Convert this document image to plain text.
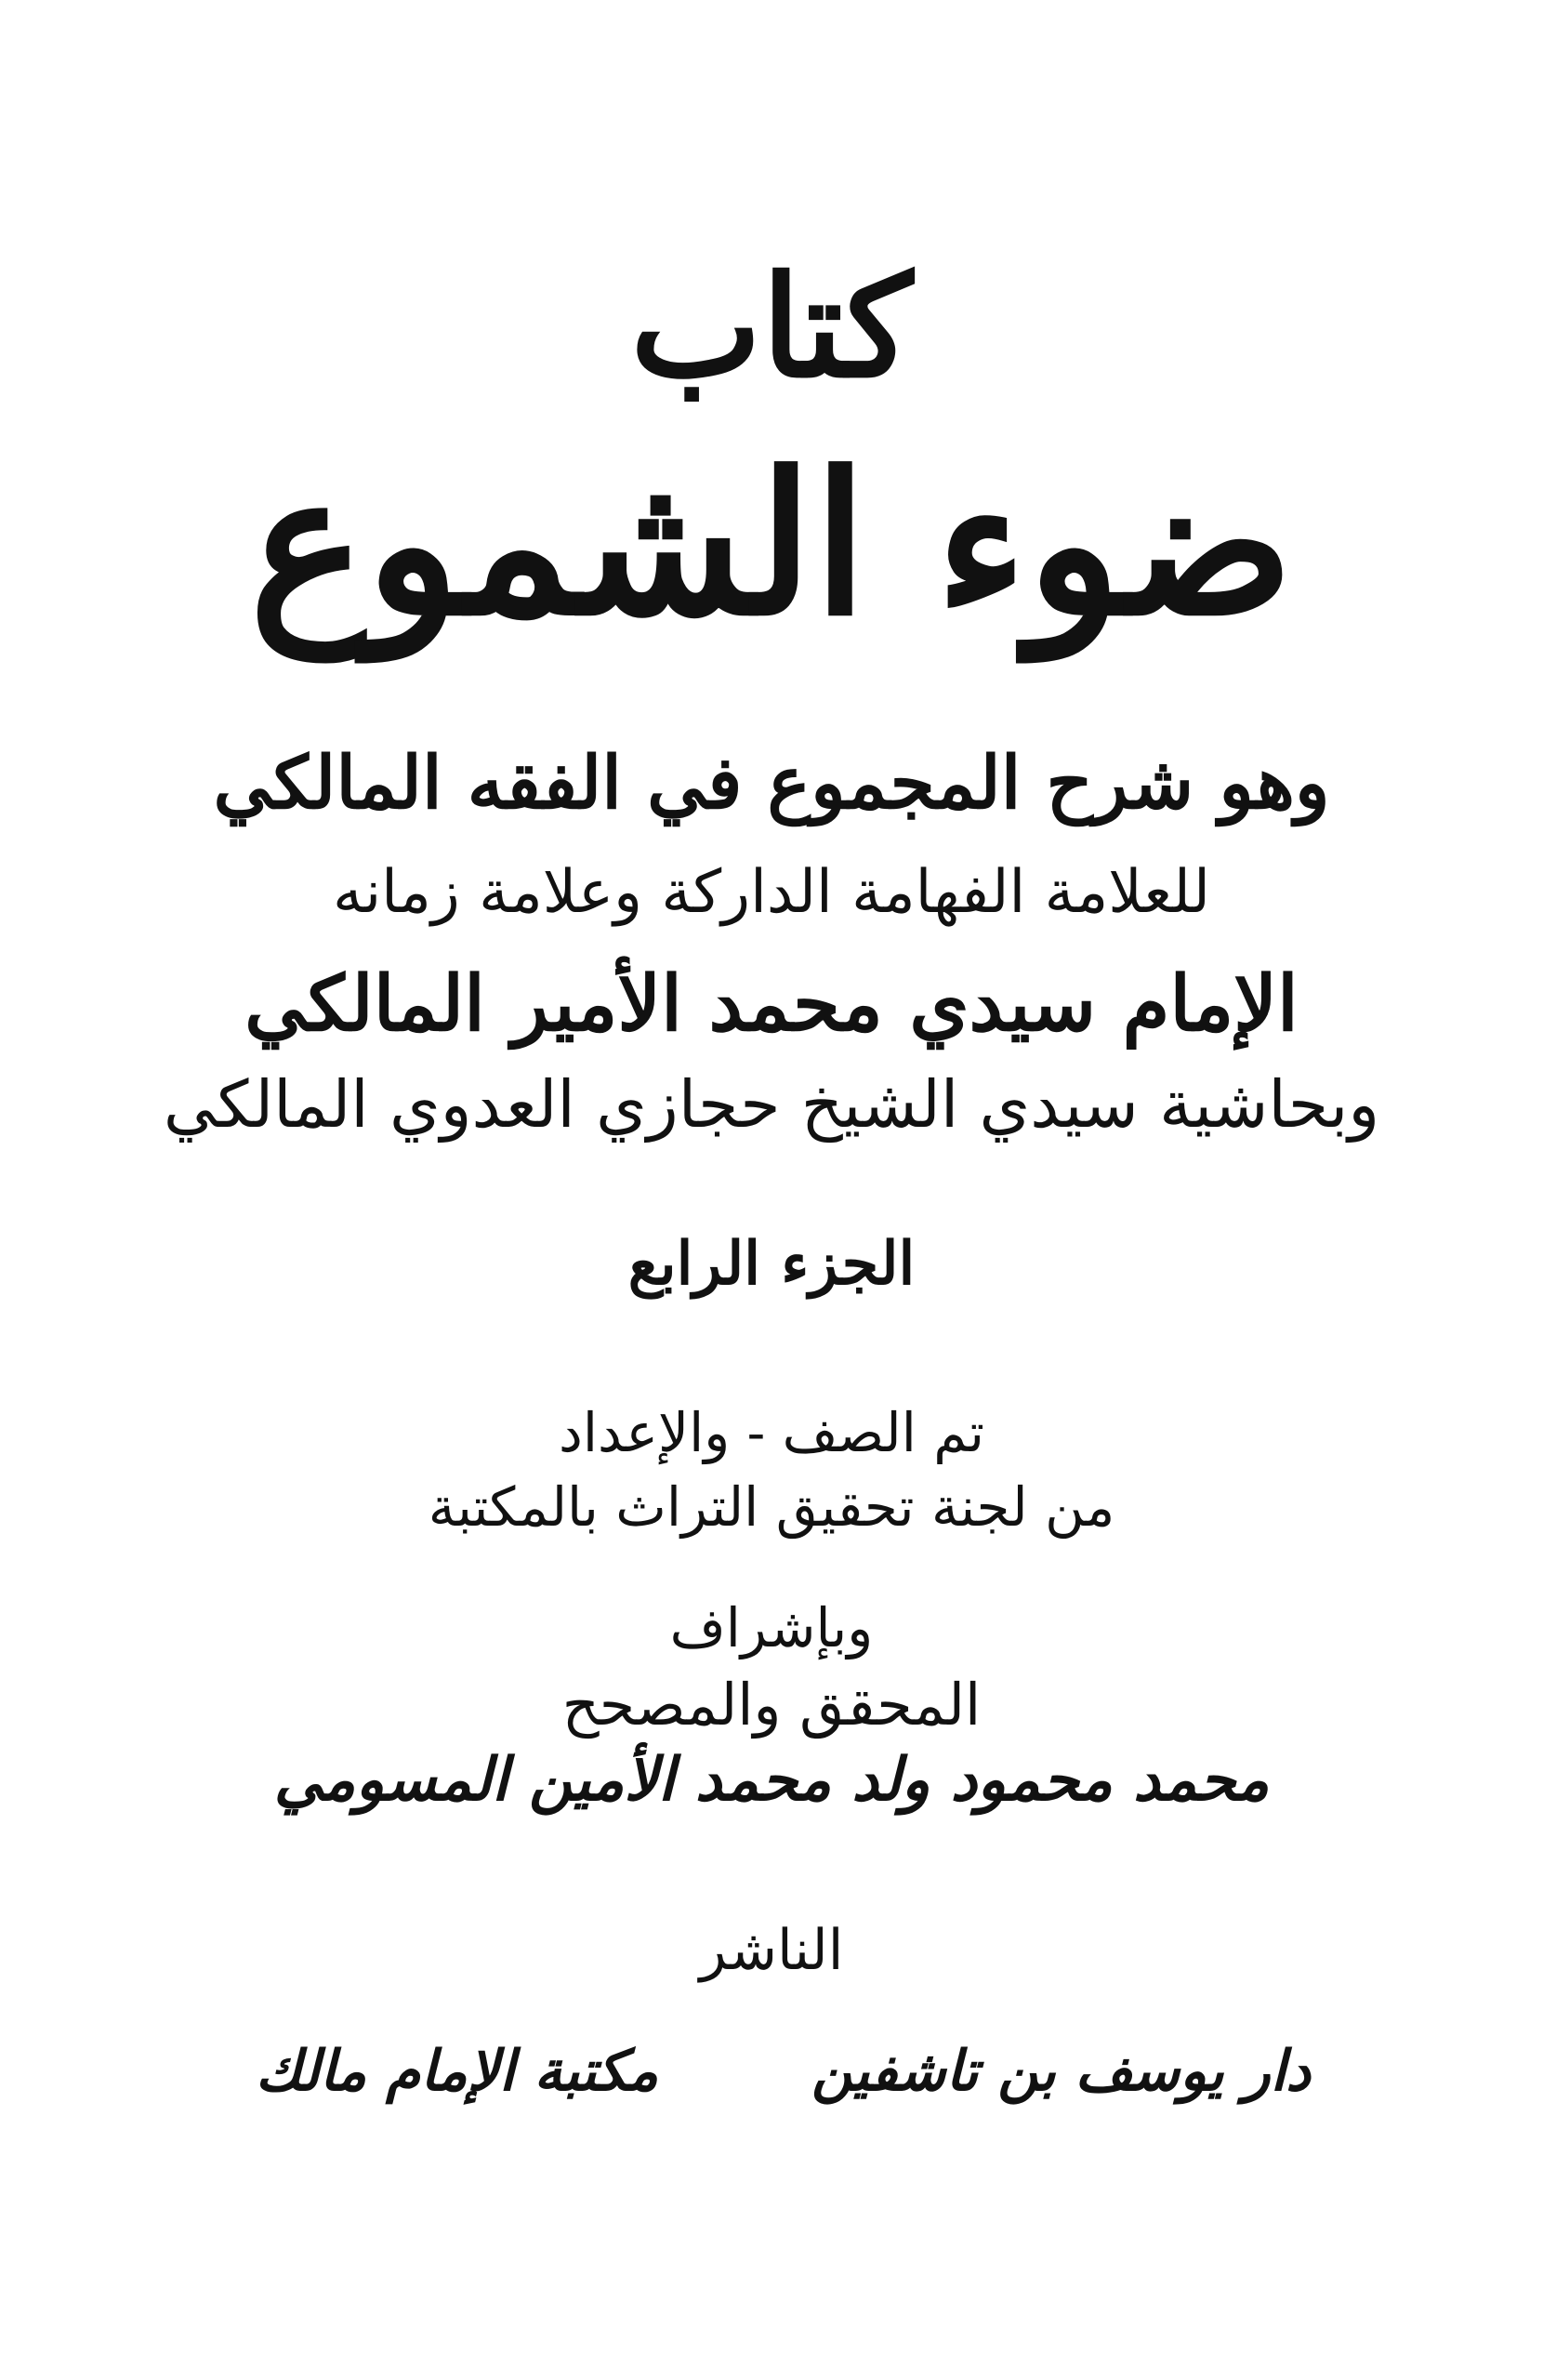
كتاب
ضوء الشموع
وهو شرح المجموع في الفقه المالكي
للعلامة الفهامة الداركة وعلامة زمانه
الإمام سيدي محمد الأمير المالكي
وبحاشية سيدي الشيخ حجازي العدوي المالكي
الجزء الرابع
تم الصف - والإعداد
من لجنة تحقيق التراث بالمكتبة
وبإشراف
المحقق والمصحح
محمد محمود ولد محمد الأمين المسومي
الناشر
دار يوسف بن تاشفين
مكتبة الإمام مالك
